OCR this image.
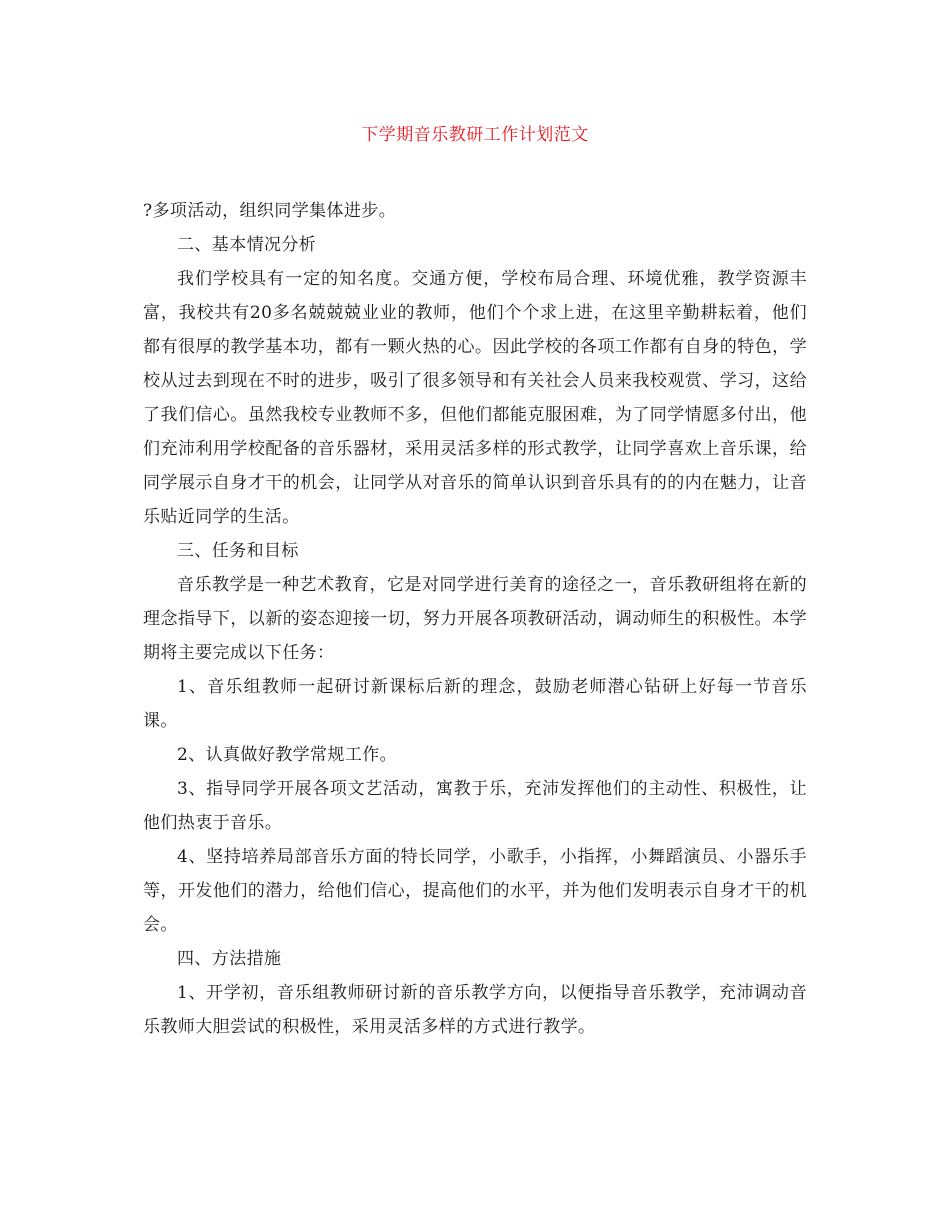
下学期音乐教研工作计划范文

?多项活动，组织同学集体进步。

二、基本情况分析

我们学校具有一定的知名度。交通方便，学校布局合理、环境优雅，教学资源丰富，我校共有20多名兢兢兢业业的教师，他们个个求上进，在这里辛勤耕耘着，他们都有很厚的教学基本功，都有一颗火热的心。因此学校的各项工作都有自身的特色，学校从过去到现在不时的进步，吸引了很多领导和有关社会人员来我校观赏、学习，这给了我们信心。虽然我校专业教师不多，但他们都能克服困难，为了同学情愿多付出，他们充沛利用学校配备的音乐器材，采用灵活多样的形式教学，让同学喜欢上音乐课，给同学展示自身才干的机会，让同学从对音乐的简单认识到音乐具有的的内在魅力，让音乐贴近同学的生活。

三、任务和目标

音乐教学是一种艺术教育，它是对同学进行美育的途径之一，音乐教研组将在新的理念指导下，以新的姿态迎接一切，努力开展各项教研活动，调动师生的积极性。本学期将主要完成以下任务：

1、音乐组教师一起研讨新课标后新的理念，鼓励老师潜心钻研上好每一节音乐课。

2、认真做好教学常规工作。

3、指导同学开展各项文艺活动，寓教于乐，充沛发挥他们的主动性、积极性，让他们热衷于音乐。

4、坚持培养局部音乐方面的特长同学，小歌手，小指挥，小舞蹈演员、小器乐手等，开发他们的潜力，给他们信心，提高他们的水平，并为他们发明表示自身才干的机会。

四、方法措施

1、开学初，音乐组教师研讨新的音乐教学方向，以便指导音乐教学，充沛调动音乐教师大胆尝试的积极性，采用灵活多样的方式进行教学。
